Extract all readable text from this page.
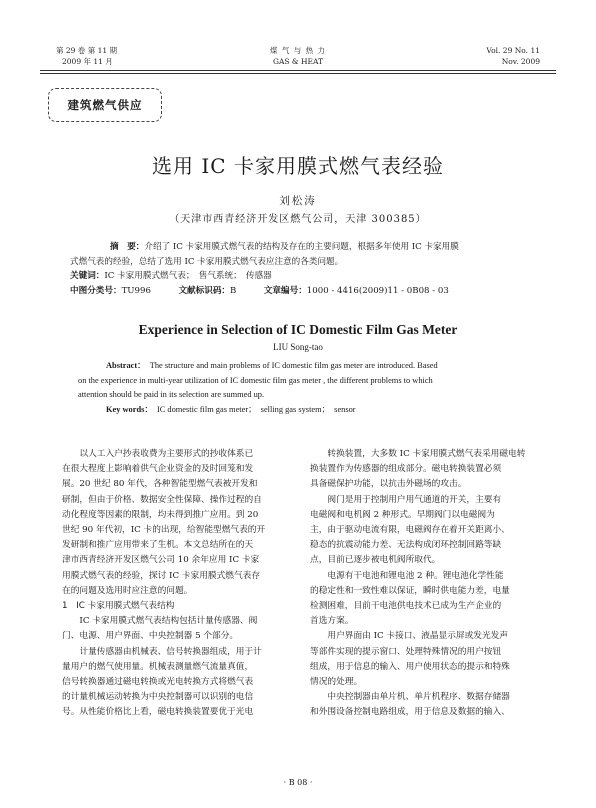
第 29 卷 第 11 期
2009 年 11 月
煤 气 与 热 力
GAS & HEAT
Vol. 29 No. 11
Nov. 2009
建筑燃气供应
选用 IC 卡家用膜式燃气表经验
刘松涛
（天津市西青经济开发区燃气公司，天津 300385）
摘　要：介绍了 IC 卡家用膜式燃气表的结构及存在的主要问题，根据多年使用 IC 卡家用膜
式燃气表的经验，总结了选用 IC 卡家用膜式燃气表应注意的各类问题。
关键词：IC 卡家用膜式燃气表；　售气系统；　传感器
中图分类号：TU996	文献标识码：B	文章编号：1000 - 4416(2009)11 - 0B08 - 03
Experience in Selection of IC Domestic Film Gas Meter
LIU Song-tao
Abstract： The structure and main problems of IC domestic film gas meter are introduced. Based
on the experience in multi-year utilization of IC domestic film gas meter , the different problems to which
attention should be paid in its selection are summed up.
Key words： IC domestic film gas meter；　selling gas system；　sensor
以人工入户抄表收费为主要形式的抄收体系已
在很大程度上影响着供气企业资金的及时回笼和发
展。20 世纪 80 年代，各种智能型燃气表被开发和
研制，但由于价格、数据安全性保障、操作过程的自
动化程度等因素的限制，均未得到推广应用。到 20
世纪 90 年代初，IC 卡的出现，给智能型燃气表的开
发研制和推广应用带来了生机。本文总结所在的天
津市西青经济开发区燃气公司 10 余年应用 IC 卡家
用膜式燃气表的经验，探讨 IC 卡家用膜式燃气表存
在的问题及选用时应注意的问题。
1　IC 卡家用膜式燃气表结构
IC 卡家用膜式燃气表结构包括计量传感器、阀
门、电源、用户界面、中央控制器 5 个部分。
计量传感器由机械表、信号转换器组成，用于计
量用户的燃气使用量。机械表测量燃气流量真值，
信号转换器通过磁电转换或光电转换方式将燃气表
的计量机械运动转换为中央控制器可以识别的电信
号。从性能价格比上看，磁电转换装置要优于光电
转换装置，大多数 IC 卡家用膜式燃气表采用磁电转
换装置作为传感器的组成部分。磁电转换装置必须
具备磁保护功能，以抗击外磁场的攻击。
阀门是用于控制用户用气通道的开关，主要有
电磁阀和电机阀 2 种形式。早期阀门以电磁阀为
主，由于驱动电流有限，电磁阀存在着开关距离小、
稳态的抗震动能力差、无法构成闭环控制回路等缺
点，目前已逐步被电机阀所取代。
电源有干电池和锂电池 2 种。锂电池化学性能
的稳定性和一致性难以保证，瞬时供电能力差，电量
检测困难，目前干电池供电技术已成为生产企业的
首选方案。
用户界面由 IC 卡接口、液晶显示屏或发光发声
等部件实现的提示窗口、处理特殊情况的用户按钮
组成，用于信息的输入、用户使用状态的提示和特殊
情况的处理。
中央控制器由单片机、单片机程序、数据存储器
和外围设备控制电路组成，用于信息及数据的输入、
· B 08 ·
